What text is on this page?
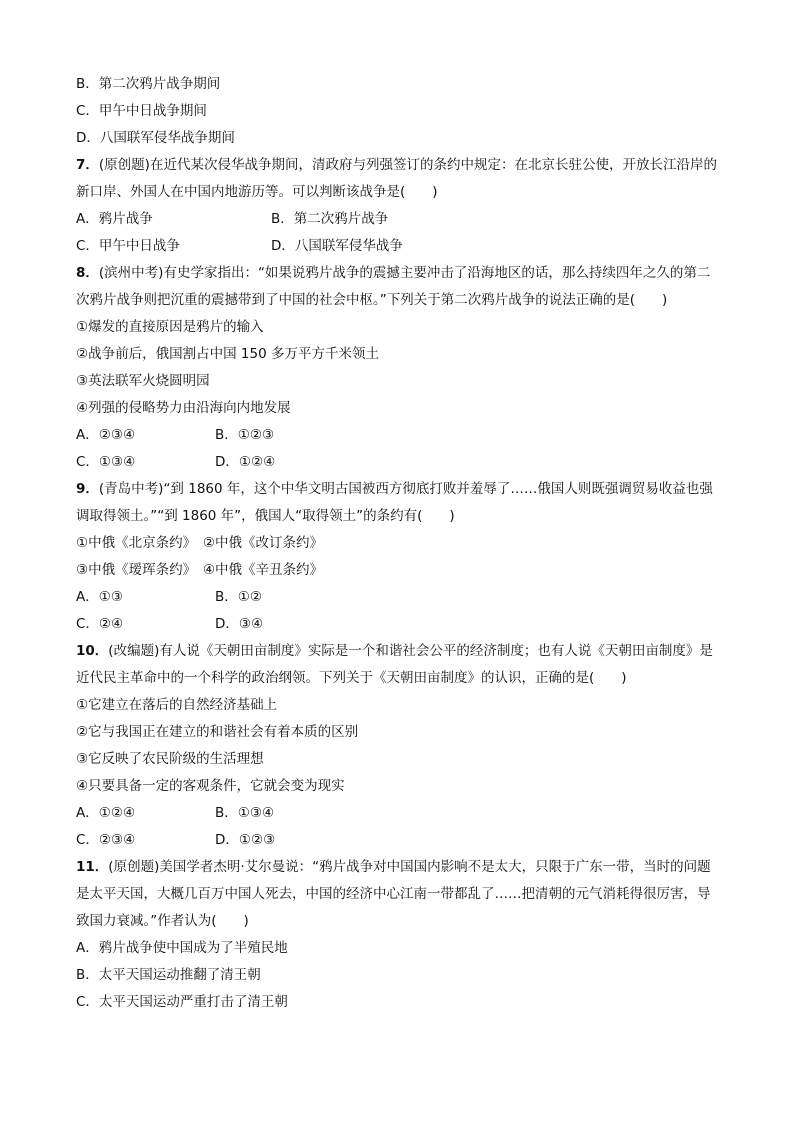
B．第二次鸦片战争期间
C．甲午中日战争期间
D．八国联军侵华战争期间
7．(原创题)在近代某次侵华战争期间，清政府与列强签订的条约中规定：在北京长驻公使，开放长江沿岸的新口岸、外国人在中国内地游历等。可以判断该战争是(　　)
A．鸦片战争	B．第二次鸦片战争
C．甲午中日战争	D．八国联军侵华战争
8．(滨州中考)有史学家指出：“如果说鸦片战争的震撼主要冲击了沿海地区的话，那么持续四年之久的第二次鸦片战争则把沉重的震撼带到了中国的社会中枢。”下列关于第二次鸦片战争的说法正确的是(　　)
①爆发的直接原因是鸦片的输入
②战争前后，俄国割占中国 150 多万平方千米领土
③英法联军火烧圆明园
④列强的侵略势力由沿海向内地发展
A．②③④	B．①②③
C．①③④	D．①②④
9．(青岛中考)“到 1860 年，这个中华文明古国被西方彻底打败并羞辱了……俄国人则既强调贸易收益也强调取得领土。”“到 1860 年”，俄国人“取得领土”的条约有(　　)
①中俄《北京条约》　②中俄《改订条约》
③中俄《瑷珲条约》　④中俄《辛丑条约》
A．①③	B．①②
C．②④	D．③④
10．(改编题)有人说《天朝田亩制度》实际是一个和谐社会公平的经济制度；也有人说《天朝田亩制度》是近代民主革命中的一个科学的政治纲领。下列关于《天朝田亩制度》的认识，正确的是(　　)
①它建立在落后的自然经济基础上
②它与我国正在建立的和谐社会有着本质的区别
③它反映了农民阶级的生活理想
④只要具备一定的客观条件，它就会变为现实
A．①②④	B．①③④
C．②③④	D．①②③
11．(原创题)美国学者杰明·艾尔曼说：“鸦片战争对中国国内影响不是太大，只限于广东一带，当时的问题是太平天国，大概几百万中国人死去，中国的经济中心江南一带都乱了……把清朝的元气消耗得很厉害，导致国力衰减。”作者认为(　　)
A．鸦片战争使中国成为了半殖民地
B．太平天国运动推翻了清王朝
C．太平天国运动严重打击了清王朝
